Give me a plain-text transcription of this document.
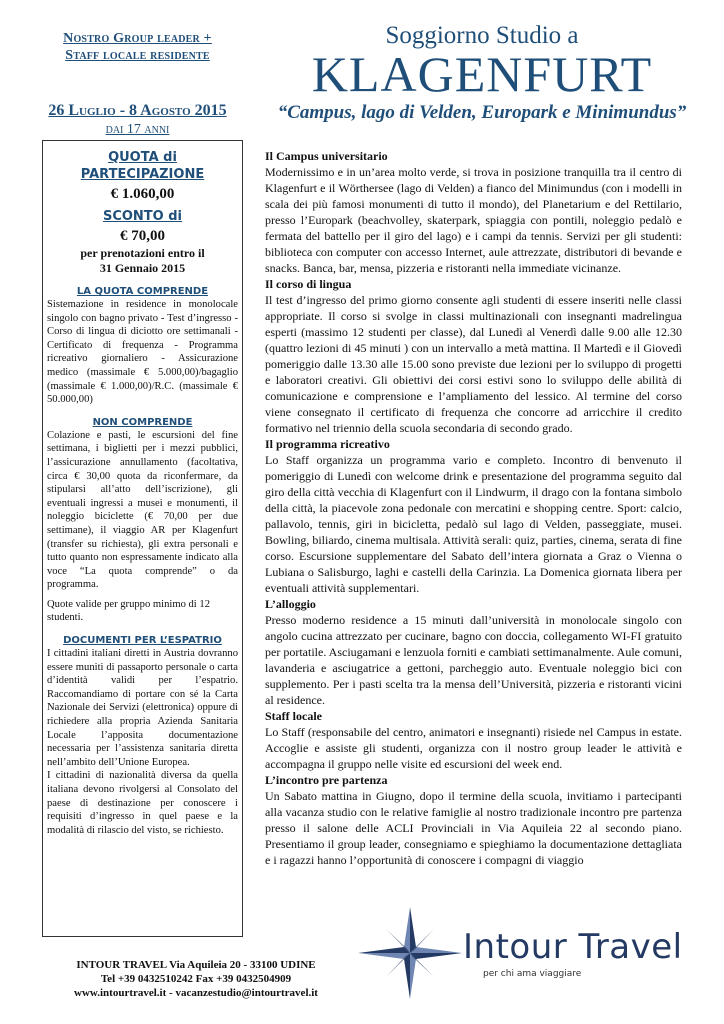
Nostro Group leader +
Staff locale residente
26 Luglio - 8 Agosto 2015
dai 17 anni
Soggiorno Studio a
KLAGENFURT
“Campus, lago di Velden, Europark e Minimundus”
QUOTA di
PARTECIPAZIONE
€ 1.060,00
SCONTO di
€ 70,00
per prenotazioni entro il
31 Gennaio 2015
LA QUOTA COMPRENDE

Sistemazione in residence in monolocale singolo con bagno privato - Test d’ingresso - Corso di lingua di diciotto ore settimanali - Certificato di frequenza - Programma ricreativo giornaliero - Assicurazione medico (massimale € 5.000,00)/bagaglio (massimale € 1.000,00)/R.C. (massimale € 50.000,00)

NON COMPRENDE

Colazione e pasti, le escursioni del fine settimana, i biglietti per i mezzi pubblici, l’assicurazione annullamento (facoltativa, circa € 30,00 quota da riconfermare, da stipularsi all’atto dell’iscrizione), gli eventuali ingressi a musei e monumenti, il noleggio biciclette (€ 70,00 per due settimane), il viaggio AR per Klagenfurt (transfer su richiesta), gli extra personali e tutto quanto non espressamente indicato alla voce “La quota comprende” o da programma.

Quote valide per gruppo minimo di 12 studenti.

DOCUMENTI PER L’ESPATRIO

I cittadini italiani diretti in Austria dovranno essere muniti di passaporto personale o carta d’identità validi per l’espatrio. Raccomandiamo di portare con sé la Carta Nazionale dei Servizi (elettronica) oppure di richiedere alla propria Azienda Sanitaria Locale l’apposita documentazione necessaria per l’assistenza sanitaria diretta nell’ambito dell’Unione Europea.

I cittadini di nazionalità diversa da quella italiana devono rivolgersi al Consolato del paese di destinazione per conoscere i requisiti d’ingresso in quel paese e la modalità di rilascio del visto, se richiesto.

Il Campus universitario

Modernissimo e in un’area molto verde, si trova in posizione tranquilla tra il centro di Klagenfurt e il Wörthersee (lago di Velden) a fianco del Minimundus (con i modelli in scala dei più famosi monumenti di tutto il mondo), del Planetarium e del Rettilario, presso l’Europark (beachvolley, skaterpark, spiaggia con pontili, noleggio pedalò e fermata del battello per il giro del lago) e i campi da tennis. Servizi per gli studenti: biblioteca con computer con accesso Internet, aule attrezzate, distributori di bevande e snacks. Banca, bar, mensa, pizzeria e ristoranti nella immediate vicinanze.

Il corso di lingua

Il test d’ingresso del primo giorno consente agli studenti di essere inseriti nelle classi appropriate. Il corso si svolge in classi multinazionali con insegnanti madrelingua esperti (massimo 12 studenti per classe), dal Lunedì al Venerdì dalle 9.00 alle 12.30 (quattro lezioni di 45 minuti ) con un intervallo a metà mattina. Il Martedì e il Giovedì pomeriggio dalle 13.30 alle 15.00 sono previste due lezioni per lo sviluppo di progetti e laboratori creativi. Gli obiettivi dei corsi estivi sono lo sviluppo delle abilità di comunicazione e comprensione e l’ampliamento del lessico. Al termine del corso viene consegnato il certificato di frequenza che concorre ad arricchire il credito formativo nel triennio della scuola secondaria di secondo grado.

Il programma ricreativo

Lo Staff organizza un programma vario e completo. Incontro di benvenuto il pomeriggio di Lunedì con welcome drink e presentazione del programma seguito dal giro della città vecchia di Klagenfurt con il Lindwurm, il drago con la fontana simbolo della città, la piacevole zona pedonale con mercatini e shopping centre. Sport: calcio, pallavolo, tennis, giri in bicicletta, pedalò sul lago di Velden, passeggiate, musei. Bowling, biliardo, cinema multisala. Attività serali: quiz, parties, cinema, serata di fine corso. Escursione supplementare del Sabato dell’intera giornata a Graz o Vienna o Lubiana o Salisburgo, laghi e castelli della Carinzia. La Domenica giornata libera per eventuali attività supplementari.

L’alloggio

Presso moderno residence a 15 minuti dall’università in monolocale singolo con angolo cucina attrezzato per cucinare, bagno con doccia, collegamento WI-FI gratuito per portatile. Asciugamani e lenzuola forniti e cambiati settimanalmente. Aule comuni, lavanderia e asciugatrice a gettoni, parcheggio auto. Eventuale noleggio bici con supplemento. Per i pasti scelta tra la mensa dell’Università, pizzeria e ristoranti vicini al residence.

Staff locale

Lo Staff (responsabile del centro, animatori e insegnanti) risiede nel Campus in estate. Accoglie e assiste gli studenti, organizza con il nostro group leader le attività e accompagna il gruppo nelle visite ed escursioni del week end.

L’incontro pre partenza

Un Sabato mattina in Giugno, dopo il termine della scuola, invitiamo i partecipanti alla vacanza studio con le relative famiglie al nostro tradizionale incontro pre partenza presso il salone delle ACLI Provinciali in Via Aquileia 22 al secondo piano. Presentiamo il group leader, consegniamo e spieghiamo la documentazione dettagliata e i ragazzi hanno l’opportunità di conoscere i compagni di viaggio

INTOUR TRAVEL Via Aquileia 20 - 33100 UDINE
Tel +39 0432510242 Fax +39 0432504909
www.intourtravel.it - vacanzestudio@intourtravel.it
Intour Travel
per chi ama viaggiare
